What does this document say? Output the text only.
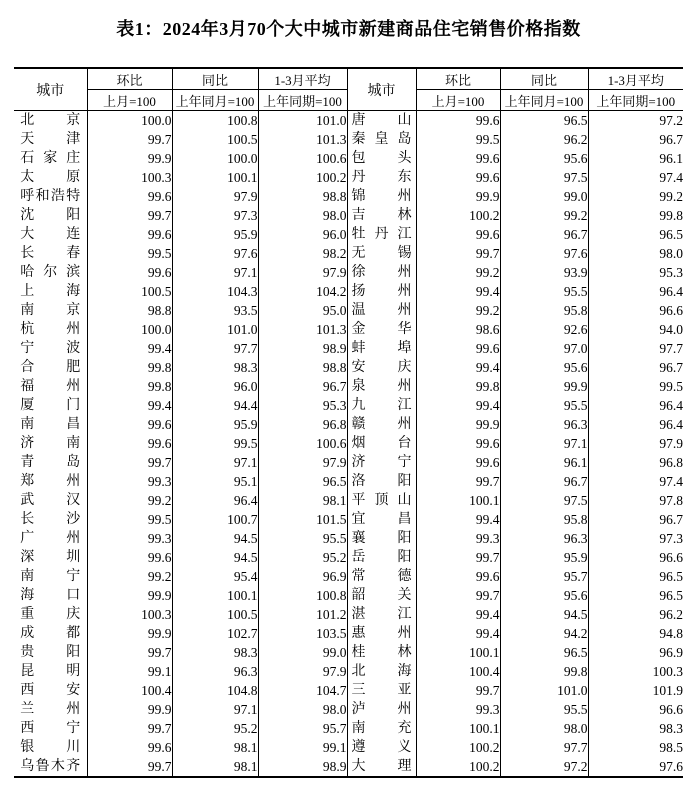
表1：2024年3月70个大中城市新建商品住宅销售价格指数
城市	环比	同比	1-3月平均	城市	环比	同比	1-3月平均
	上月=100	上年同月=100	上年同期=100		上月=100	上年同月=100	上年同期=100

北 京	100.0	100.8	101.0	唐 山	99.6	96.5	97.2

天 津	99.7	100.5	101.3	秦 皇 岛	99.5	96.2	96.7

石 家 庄	99.9	100.0	100.6	包 头	99.6	95.6	96.1

太 原	100.3	100.1	100.2	丹 东	99.6	97.5	97.4

呼 和 浩 特	99.6	97.9	98.8	锦 州	99.9	99.0	99.2

沈 阳	99.7	97.3	98.0	吉 林	100.2	99.2	99.8

大 连	99.6	95.9	96.0	牡 丹 江	99.6	96.7	96.5

长 春	99.5	97.6	98.2	无 锡	99.7	97.6	98.0

哈 尔 滨	99.6	97.1	97.9	徐 州	99.2	93.9	95.3

上 海	100.5	104.3	104.2	扬 州	99.4	95.5	96.4

南 京	98.8	93.5	95.0	温 州	99.2	95.8	96.6

杭 州	100.0	101.0	101.3	金 华	98.6	92.6	94.0

宁 波	99.4	97.7	98.9	蚌 埠	99.6	97.0	97.7

合 肥	99.8	98.3	98.8	安 庆	99.4	95.6	96.7

福 州	99.8	96.0	96.7	泉 州	99.8	99.9	99.5

厦 门	99.4	94.4	95.3	九 江	99.4	95.5	96.4

南 昌	99.6	95.9	96.8	赣 州	99.9	96.3	96.4

济 南	99.6	99.5	100.6	烟 台	99.6	97.1	97.9

青 岛	99.7	97.1	97.9	济 宁	99.6	96.1	96.8

郑 州	99.3	95.1	96.5	洛 阳	99.7	96.7	97.4

武 汉	99.2	96.4	98.1	平 顶 山	100.1	97.5	97.8

长 沙	99.5	100.7	101.5	宜 昌	99.4	95.8	96.7

广 州	99.3	94.5	95.5	襄 阳	99.3	96.3	97.3

深 圳	99.6	94.5	95.2	岳 阳	99.7	95.9	96.6

南 宁	99.2	95.4	96.9	常 德	99.6	95.7	96.5

海 口	99.9	100.1	100.8	韶 关	99.7	95.6	96.5

重 庆	100.3	100.5	101.2	湛 江	99.4	94.5	96.2

成 都	99.9	102.7	103.5	惠 州	99.4	94.2	94.8

贵 阳	99.7	98.3	99.0	桂 林	100.1	96.5	96.9

昆 明	99.1	96.3	97.9	北 海	100.4	99.8	100.3

西 安	100.4	104.8	104.7	三 亚	99.7	101.0	101.9

兰 州	99.9	97.1	98.0	泸 州	99.3	95.5	96.6

西 宁	99.7	95.2	95.7	南 充	100.1	98.0	98.3

银 川	99.6	98.1	99.1	遵 义	100.2	97.7	98.5

乌 鲁 木 齐	99.7	98.1	98.9	大 理	100.2	97.2	97.6
